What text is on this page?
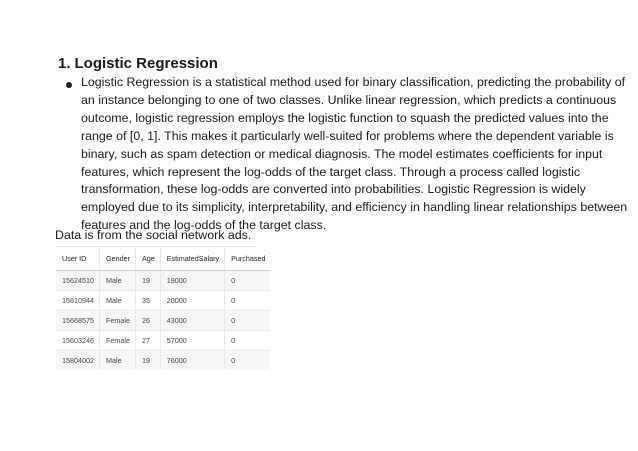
1. Logistic Regression
Logistic Regression is a statistical method used for binary classification, predicting the probability of
an instance belonging to one of two classes. Unlike linear regression, which predicts a continuous
outcome, logistic regression employs the logistic function to squash the predicted values into the
range of [0, 1]. This makes it particularly well-suited for problems where the dependent variable is
binary, such as spam detection or medical diagnosis. The model estimates coefficients for input
features, which represent the log-odds of the target class. Through a process called logistic
transformation, these log-odds are converted into probabilities. Logistic Regression is widely
employed due to its simplicity, interpretability, and efficiency in handling linear relationships between
features and the log-odds of the target class.
Data is from the social network ads.
User ID	Gender	Age	EstimatedSalary	Purchased
15624510	Male	19	19000	0
15810944	Male	35	20000	0
15668575	Female	26	43000	0
15603246	Female	27	57000	0
15804002	Male	19	76000	0
